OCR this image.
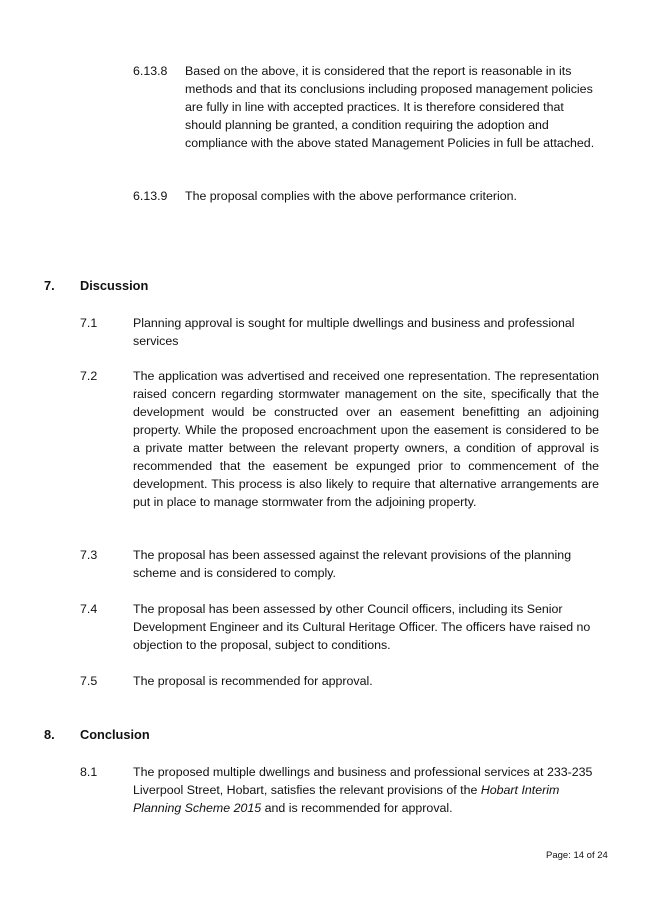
6.13.8 Based on the above, it is considered that the report is reasonable in its methods and that its conclusions including proposed management policies are fully in line with accepted practices. It is therefore considered that should planning be granted, a condition requiring the adoption and compliance with the above stated Management Policies in full be attached.
6.13.9 The proposal complies with the above performance criterion.
7. Discussion
7.1	Planning approval is sought for multiple dwellings and business and professional services
7.2	The application was advertised and received one representation. The representation raised concern regarding stormwater management on the site, specifically that the development would be constructed over an easement benefitting an adjoining property. While the proposed encroachment upon the easement is considered to be a private matter between the relevant property owners, a condition of approval is recommended that the easement be expunged prior to commencement of the development. This process is also likely to require that alternative arrangements are put in place to manage stormwater from the adjoining property.
7.3	The proposal has been assessed against the relevant provisions of the planning scheme and is considered to comply.
7.4	The proposal has been assessed by other Council officers, including its Senior Development Engineer and its Cultural Heritage Officer. The officers have raised no objection to the proposal, subject to conditions.
7.5	The proposal is recommended for approval.
8. Conclusion
8.1	The proposed multiple dwellings and business and professional services at 233-235 Liverpool Street, Hobart, satisfies the relevant provisions of the Hobart Interim Planning Scheme 2015 and is recommended for approval.
Page: 14 of 24
